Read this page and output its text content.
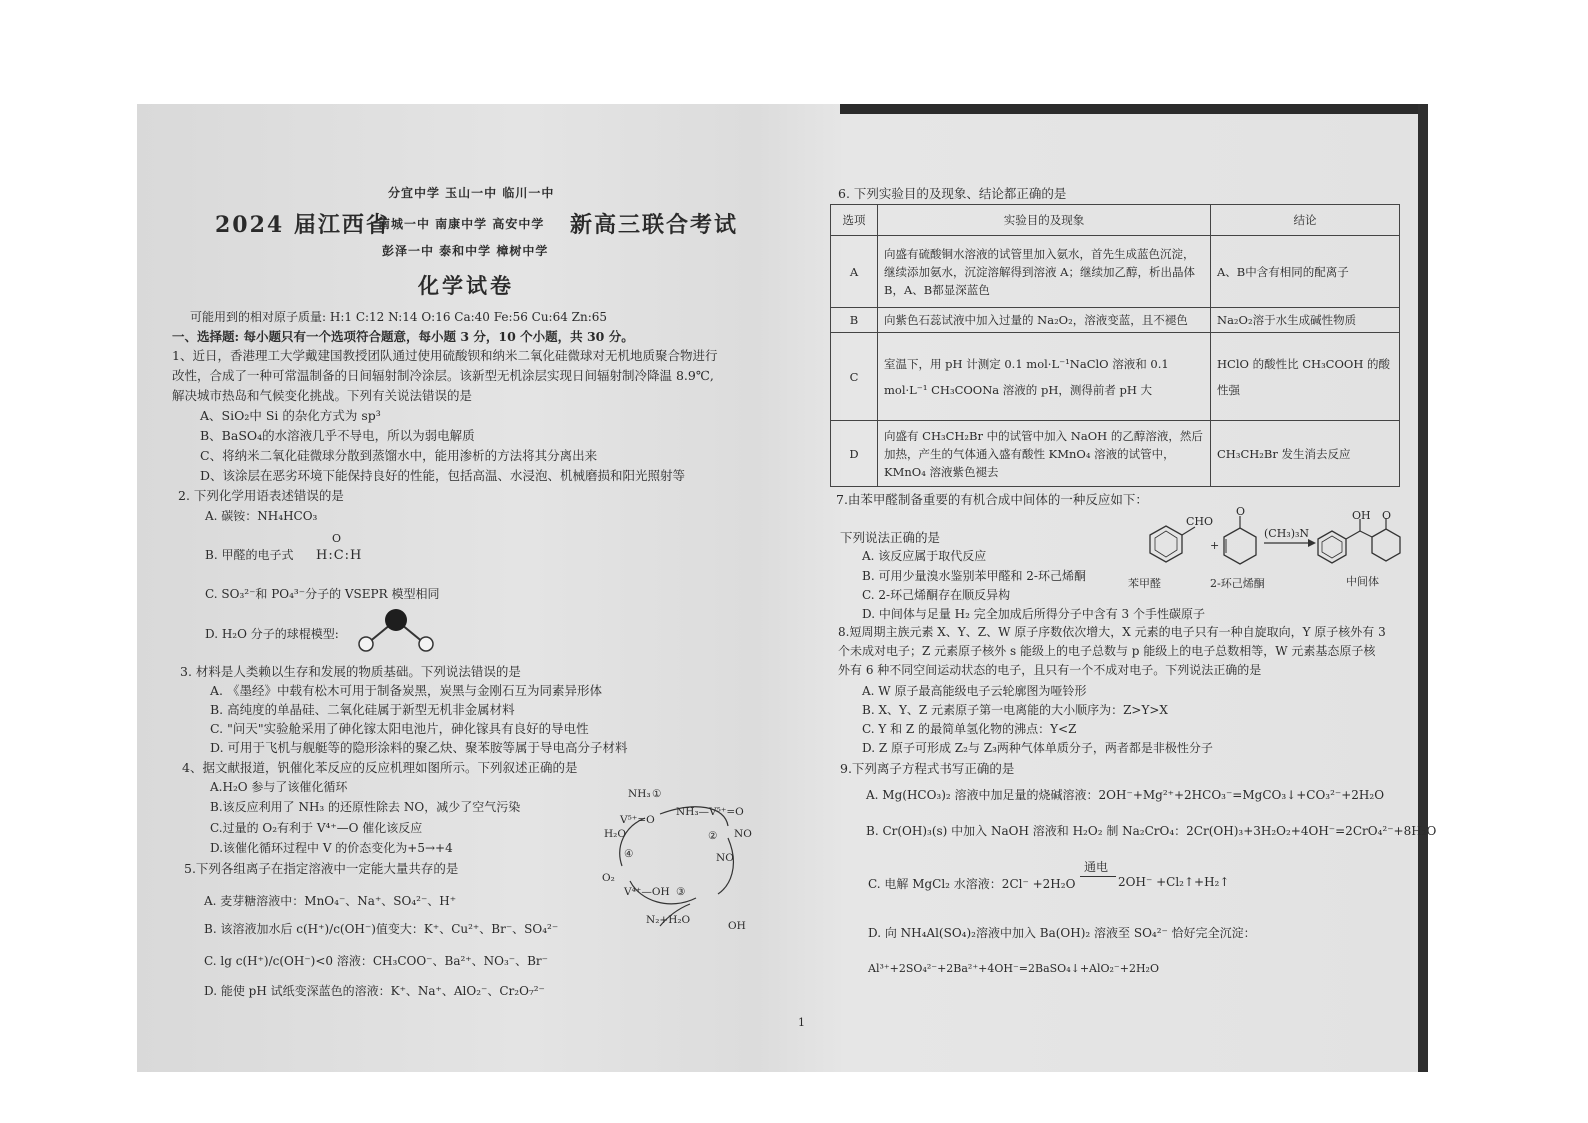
分宜中学 玉山一中 临川一中
2024 届江西省
南城一中 南康中学 高安中学 新高三联合考试
彭泽一中 泰和中学 樟树中学
化学试卷
可能用到的相对原子质量: H:1 C:12 N:14 O:16 Ca:40 Fe:56 Cu:64 Zn:65
一、选择题: 每小题只有一个选项符合题意，每小题 3 分，10 个小题，共 30 分。
1、近日，香港理工大学戴建国教授团队通过使用硫酸钡和纳米二氧化硅微球对无机地质聚合物进行
改性，合成了一种可常温制备的日间辐射制冷涂层。该新型无机涂层实现日间辐射制冷降温 8.9℃,
解决城市热岛和气候变化挑战。下列有关说法错误的是
A、SiO₂中 Si 的杂化方式为 sp³
B、BaSO₄的水溶液几乎不导电，所以为弱电解质
C、将纳米二氧化硅微球分散到蒸馏水中，能用渗析的方法将其分离出来
D、该涂层在恶劣环境下能保持良好的性能，包括高温、水浸泡、机械磨损和阳光照射等
2. 下列化学用语表述错误的是
A. 碳铵：NH₄HCO₃
B. 甲醛的电子式 H:C:H
O
C. SO₃²⁻和 PO₄³⁻分子的 VSEPR 模型相同
D. H₂O 分子的球棍模型:
3. 材料是人类赖以生存和发展的物质基础。下列说法错误的是
A. 《墨经》中载有松木可用于制备炭黑，炭黑与金刚石互为同素异形体
B. 高纯度的单晶硅、二氧化硅属于新型无机非金属材料
C. "问天"实验舱采用了砷化镓太阳电池片，砷化镓具有良好的导电性
D. 可用于飞机与舰艇等的隐形涂料的聚乙炔、聚苯胺等属于导电高分子材料
4、据文献报道，钒催化苯反应的反应机理如图所示。下列叙述正确的是
A.H₂O 参与了该催化循环
B.该反应利用了 NH₃ 的还原性除去 NO，减少了空气污染
C.过量的 O₂有利于 V⁴⁺—O 催化该反应
D.该催化循环过程中 V 的价态变化为+5→+4
NH₃ ①
V⁵⁺=O
NH₃—V⁵⁺=O
② NO
H₂O
④	NO
O₂
V⁴⁺—OH ③
N₂+H₂O	OH
5.下列各组离子在指定溶液中一定能大量共存的是
A. 麦芽糖溶液中：MnO₄⁻、Na⁺、SO₄²⁻、H⁺
B. 该溶液加水后 c(H⁺)/c(OH⁻)值变大：K⁺、Cu²⁺、Br⁻、SO₄²⁻
C. lg c(H⁺)/c(OH⁻)<0 溶液：CH₃COO⁻、Ba²⁺、NO₃⁻、Br⁻
D. 能使 pH 试纸变深蓝色的溶液：K⁺、Na⁺、AlO₂⁻、Cr₂O₇²⁻
6. 下列实验目的及现象、结论都正确的是
选项	实验目的及现象	结论
A	向盛有硫酸铜水溶液的试管里加入氨水，首先生成蓝色沉淀，继续添加氨水，沉淀溶解得到溶液 A；继续加乙醇，析出晶体 B，A、B都显深蓝色	A、B中含有相同的配离子
B	向紫色石蕊试液中加入过量的 Na₂O₂，溶液变蓝，且不褪色	Na₂O₂溶于水生成碱性物质
C	室温下，用 pH 计测定 0.1 mol·L⁻¹NaClO 溶液和 0.1 mol·L⁻¹ CH₃COONa 溶液的 pH，测得前者 pH 大	HClO 的酸性比 CH₃COOH 的酸性强
D	向盛有 CH₃CH₂Br 中的试管中加入 NaOH 的乙醇溶液，然后加热，产生的气体通入盛有酸性 KMnO₄ 溶液的试管中，KMnO₄ 溶液紫色褪去	CH₃CH₂Br 发生消去反应
7.由苯甲醛制备重要的有机合成中间体的一种反应如下：
下列说法正确的是
A. 该反应属于取代反应
B. 可用少量溴水鉴别苯甲醛和 2-环己烯酮
C. 2-环己烯酮存在顺反异构
D. 中间体与足量 H₂ 完全加成后所得分子中含有 3 个手性碳原子
CHO
+
O
(CH₃)₃N
OH O
苯甲醛	2-环己烯酮	中间体
8.短周期主族元素 X、Y、Z、W 原子序数依次增大，X 元素的电子只有一种自旋取向，Y 原子核外有 3
个未成对电子；Z 元素原子核外 s 能级上的电子总数与 p 能级上的电子总数相等，W 元素基态原子核
外有 6 种不同空间运动状态的电子，且只有一个不成对电子。下列说法正确的是
A. W 原子最高能级电子云轮廓图为哑铃形
B. X、Y、Z 元素原子第一电离能的大小顺序为：Z>Y>X
C. Y 和 Z 的最简单氢化物的沸点：Y<Z
D. Z 原子可形成 Z₂与 Z₃两种气体单质分子，两者都是非极性分子
9.下列离子方程式书写正确的是
A. Mg(HCO₃)₂ 溶液中加足量的烧碱溶液：2OH⁻+Mg²⁺+2HCO₃⁻=MgCO₃↓+CO₃²⁻+2H₂O
B. Cr(OH)₃(s) 中加入 NaOH 溶液和 H₂O₂ 制 Na₂CrO₄：2Cr(OH)₃+3H₂O₂+4OH⁻=2CrO₄²⁻+8H₂O
C. 电解 MgCl₂ 水溶液：2Cl⁻ +2H₂O
通电
2OH⁻ +Cl₂↑+H₂↑
D. 向 NH₄Al(SO₄)₂溶液中加入 Ba(OH)₂ 溶液至 SO₄²⁻ 恰好完全沉淀：
Al³⁺+2SO₄²⁻+2Ba²⁺+4OH⁻=2BaSO₄↓+AlO₂⁻+2H₂O
1
